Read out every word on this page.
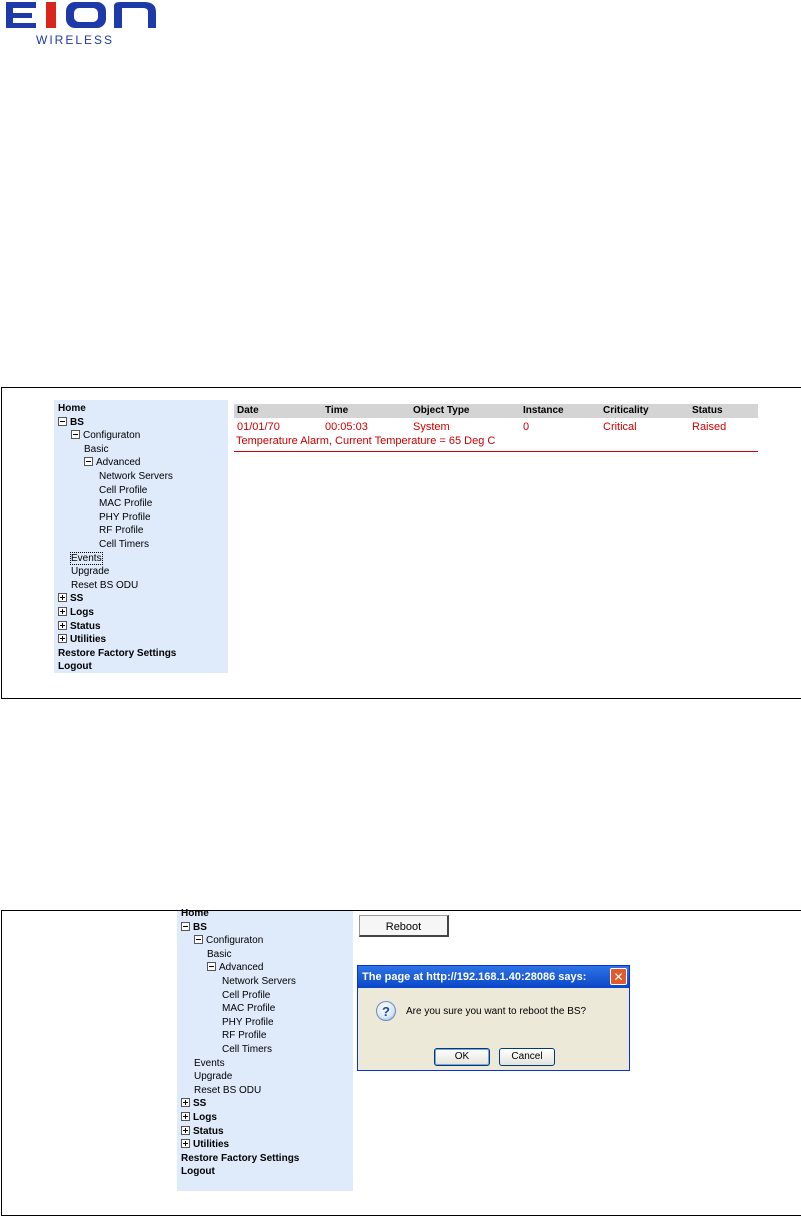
WIRELESS
Home
BS
Configuraton
Basic
Advanced
Network Servers
Cell Profile
MAC Profile
PHY Profile
RF Profile
Cell Timers
Events
Upgrade
Reset BS ODU
SS
Logs
Status
Utilities
Restore Factory Settings
Logout
Date	Time	Object Type	Instance	Criticality	Status
01/01/70	00:05:03	System	0	Critical	Raised
Temperature Alarm, Current Temperature = 65 Deg C
Home
BS
Configuraton
Basic
Advanced
Network Servers
Cell Profile
MAC Profile
PHY Profile
RF Profile
Cell Timers
Events
Upgrade
Reset BS ODU
SS
Logs
Status
Utilities
Restore Factory Settings
Logout
Reboot
The page at http://192.168.1.40:28086 says:	✕
?	Are you sure you want to reboot the BS?
OK	Cancel
